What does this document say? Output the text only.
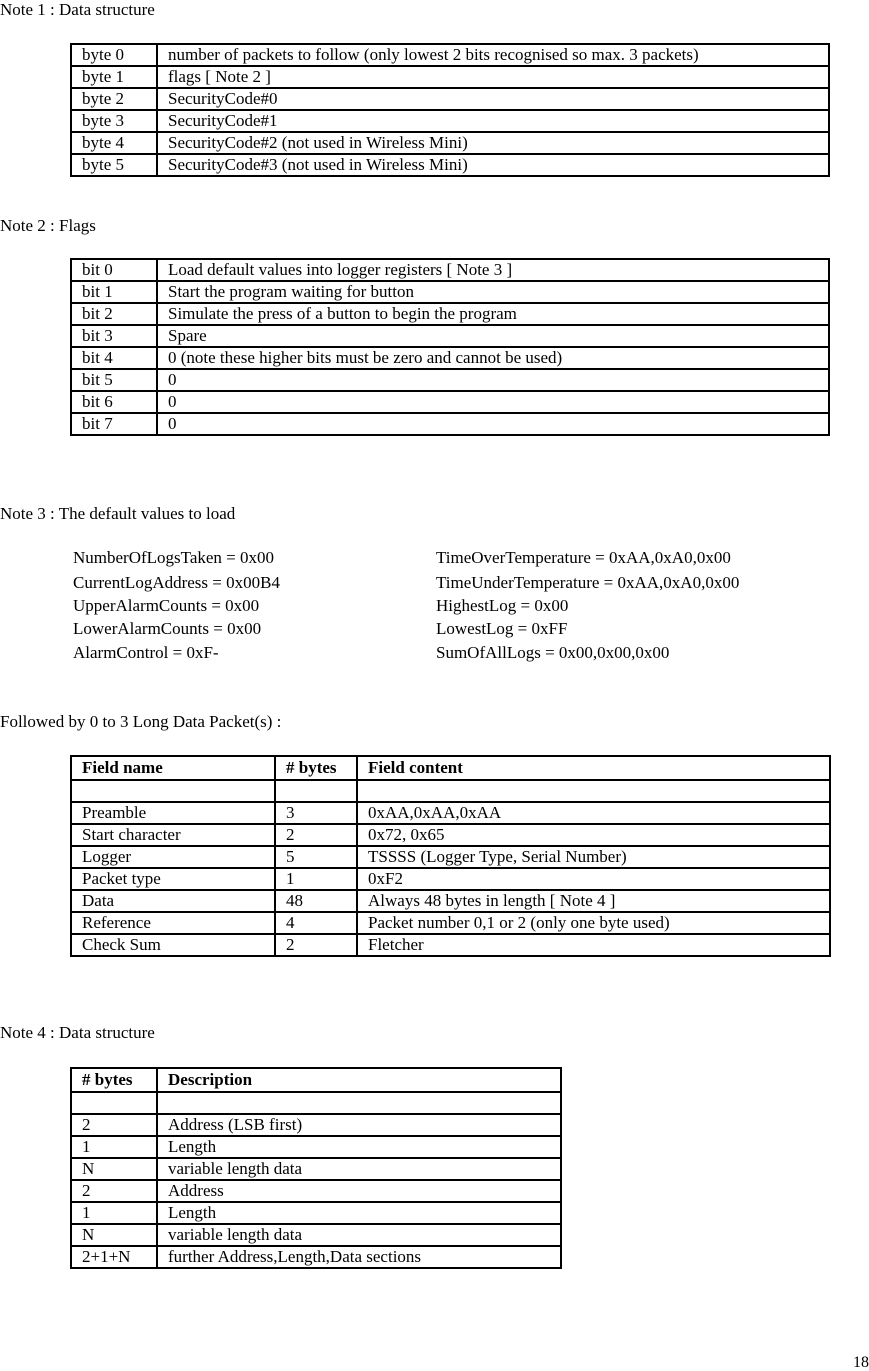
Note 1 : Data structure
byte 0	number of packets to follow (only lowest 2 bits recognised so max. 3 packets)
byte 1	flags [ Note 2 ]
byte 2	SecurityCode#0
byte 3	SecurityCode#1
byte 4	SecurityCode#2 (not used in Wireless Mini)
byte 5	SecurityCode#3 (not used in Wireless Mini)
Note 2 : Flags
bit 0	Load default values into logger registers [ Note 3 ]
bit 1	Start the program waiting for button
bit 2	Simulate the press of a button to begin the program
bit 3	Spare
bit 4	0 (note these higher bits must be zero and cannot be used)
bit 5	0
bit 6	0
bit 7	0
Note 3 : The default values to load
NumberOfLogsTaken = 0x00
CurrentLogAddress = 0x00B4
UpperAlarmCounts = 0x00
LowerAlarmCounts = 0x00
AlarmControl = 0xF-
TimeOverTemperature = 0xAA,0xA0,0x00
TimeUnderTemperature = 0xAA,0xA0,0x00
HighestLog = 0x00
LowestLog = 0xFF
SumOfAllLogs = 0x00,0x00,0x00
Followed by 0 to 3 Long Data Packet(s) :
Field name	# bytes	Field content

Preamble	3	0xAA,0xAA,0xAA
Start character	2	0x72, 0x65
Logger	5	TSSSS (Logger Type, Serial Number)
Packet type	1	0xF2
Data	48	Always 48 bytes in length [ Note 4 ]
Reference	4	Packet number 0,1 or 2 (only one byte used)
Check Sum	2	Fletcher
Note 4 : Data structure
# bytes	Description

2	Address (LSB first)
1	Length
N	variable length data
2	Address
1	Length
N	variable length data
2+1+N	further Address,Length,Data sections
18
